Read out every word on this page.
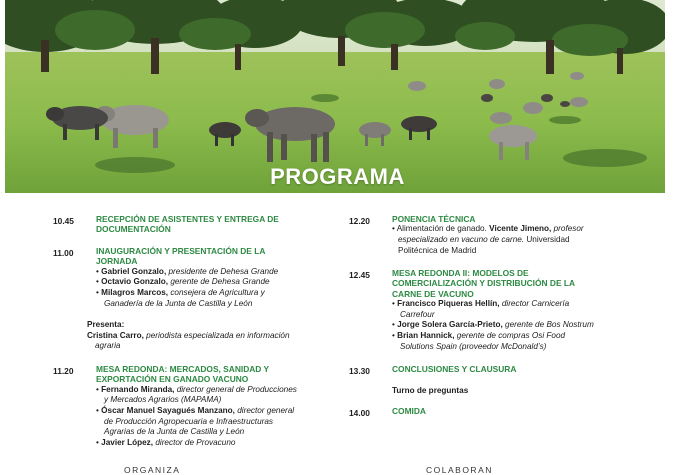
PROGRAMA
10.45	RECEPCIÓN DE ASISTENTES Y ENTREGA DE
DOCUMENTACIÓN
11.00	INAUGURACIÓN Y PRESENTACIÓN DE LA
JORNADA
• Gabriel Gonzalo, presidente de Dehesa Grande
• Octavio Gonzalo, gerente de Dehesa Grande
• Milagros Marcos, consejera de Agricultura y
Ganadería de la Junta de Castilla y León
Presenta:
Cristina Carro, periodista especializada en información
agraria
11.20	MESA REDONDA: MERCADOS, SANIDAD Y
EXPORTACIÓN EN GANADO VACUNO
• Fernando Miranda, director general de Producciones
y Mercados Agrarios (MAPAMA)
• Óscar Manuel Sayagués Manzano, director general
de Producción Agropecuaria e Infraestructuras
Agrarias de la Junta de Castilla y León
• Javier López, director de Provacuno
12.20	PONENCIA TÉCNICA
• Alimentación de ganado. Vicente Jimeno, profesor
especializado en vacuno de carne. Universidad
Politécnica de Madrid
12.45	MESA REDONDA II: MODELOS DE
COMERCIALIZACIÓN Y DISTRIBUCIÓN DE LA
CARNE DE VACUNO
• Francisco Piqueras Hellín, director Carnicería
Carrefour
• Jorge Solera García-Prieto, gerente de Bos Nostrum
• Brian Hannick, gerente de compras Osi Food
Solutions Spain (proveedor McDonald’s)
13.30	CONCLUSIONES Y CLAUSURA
Turno de preguntas
14.00	COMIDA
ORGANIZA	COLABORAN
